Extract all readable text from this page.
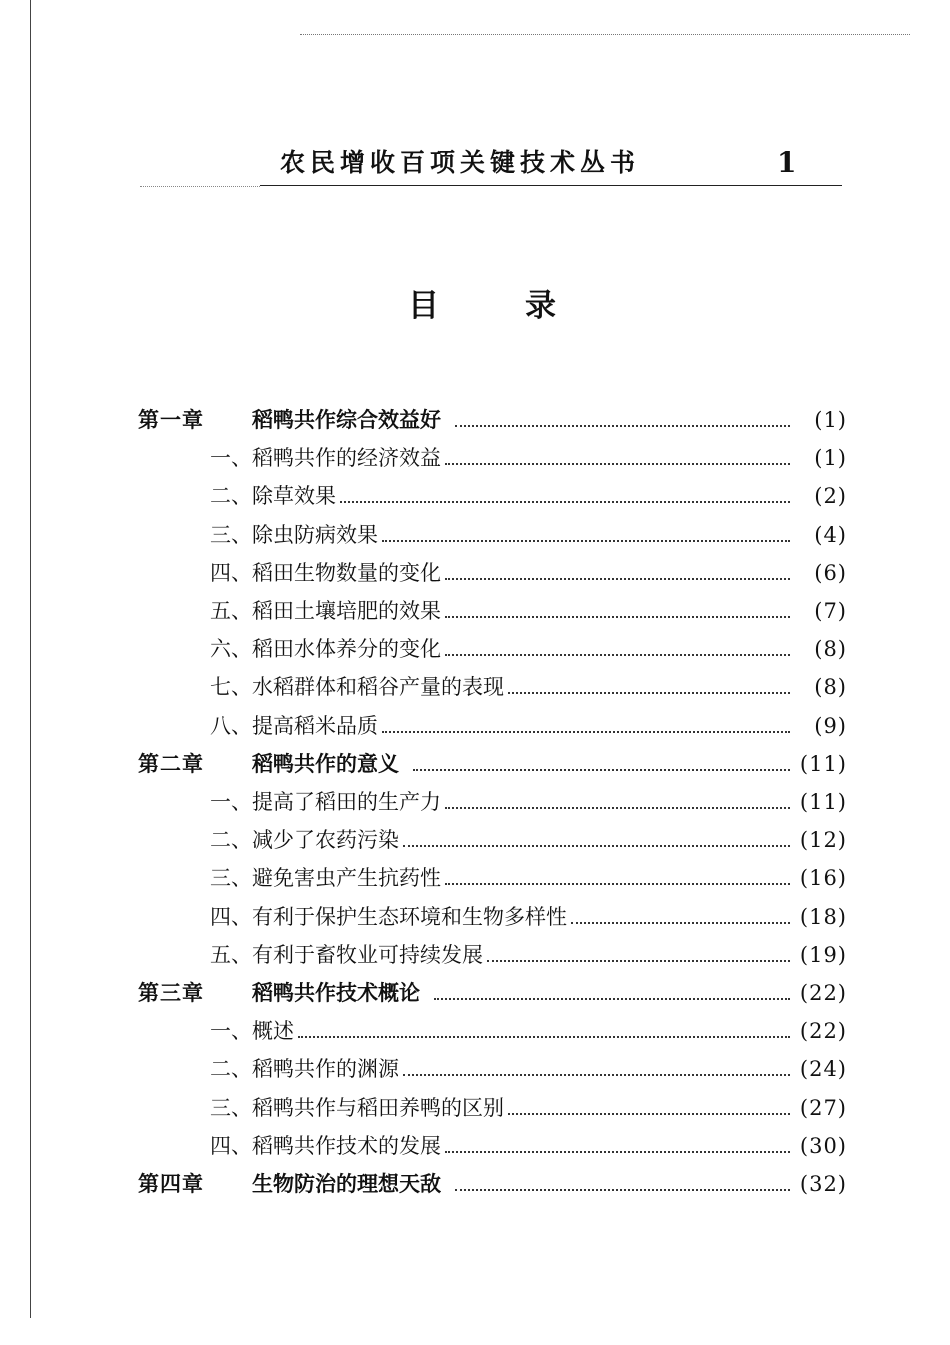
农民增收百项关键技术丛书	1
目录
第一章	稻鸭共作综合效益好	(1)
一、 稻鸭共作的经济效益	(1)
二、 除草效果	(2)
三、 除虫防病效果	(4)
四、 稻田生物数量的变化	(6)
五、 稻田土壤培肥的效果	(7)
六、 稻田水体养分的变化	(8)
七、 水稻群体和稻谷产量的表现	(8)
八、 提高稻米品质	(9)
第二章	稻鸭共作的意义	(11)
一、 提高了稻田的生产力	(11)
二、 减少了农药污染	(12)
三、 避免害虫产生抗药性	(16)
四、 有利于保护生态环境和生物多样性	(18)
五、 有利于畜牧业可持续发展	(19)
第三章	稻鸭共作技术概论	(22)
一、 概述	(22)
二、 稻鸭共作的渊源	(24)
三、 稻鸭共作与稻田养鸭的区别	(27)
四、 稻鸭共作技术的发展	(30)
第四章	生物防治的理想天敌	(32)
